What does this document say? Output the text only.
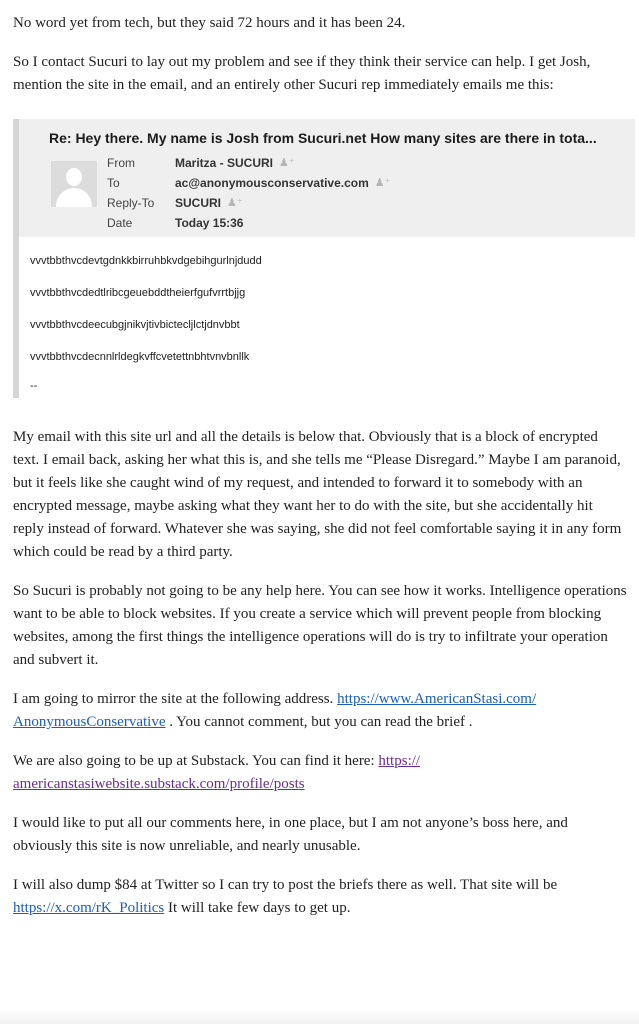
No word yet from tech, but they said 72 hours and it has been 24.

So I contact Sucuri to lay out my problem and see if they think their service can help. I get Josh, mention the site in the email, and an entirely other Sucuri rep immediately emails me this:

Re: Hey there. My name is Josh from Sucuri.net How many sites are there in tota...
From	Maritza - SUCURI ♟⁺
To	ac@anonymousconservative.com ♟⁺
Reply-To	SUCURI ♟⁺
Date	Today 15:36
vvvtbbthvcdevtgdnkkbirruhbkvdgebihgurlnjdudd
vvvtbbthvcdedtlribcgeuebddtheierfgufvrrtbjjg
vvvtbbthvcdeecubgjnikvjtivbictecljlctjdnvbbt
vvvtbbthvcdecnnlrldegkvffcvetettnbhtvnvbnllk
--

My email with this site url and all the details is below that. Obviously that is a block of encrypted text. I email back, asking her what this is, and she tells me “Please Disregard.” Maybe I am paranoid, but it feels like she caught wind of my request, and intended to forward it to somebody with an encrypted message, maybe asking what they want her to do with the site, but she accidentally hit reply instead of forward. Whatever she was saying, she did not feel comfortable saying it in any form which could be read by a third party.

So Sucuri is probably not going to be any help here. You can see how it works. Intelligence operations want to be able to block websites. If you create a service which will prevent people from blocking websites, among the first things the intelligence operations will do is try to infiltrate your operation and subvert it.

I am going to mirror the site at the following address. https://www.AmericanStasi.com/
AnonymousConservative . You cannot comment, but you can read the brief .

We are also going to be up at Substack. You can find it here: https://
americanstasiwebsite.substack.com/profile/posts

I would like to put all our comments here, in one place, but I am not anyone’s boss here, and obviously this site is now unreliable, and nearly unusable.

I will also dump $84 at Twitter so I can try to post the briefs there as well. That site will be https://x.com/rK_Politics It will take few days to get up.
